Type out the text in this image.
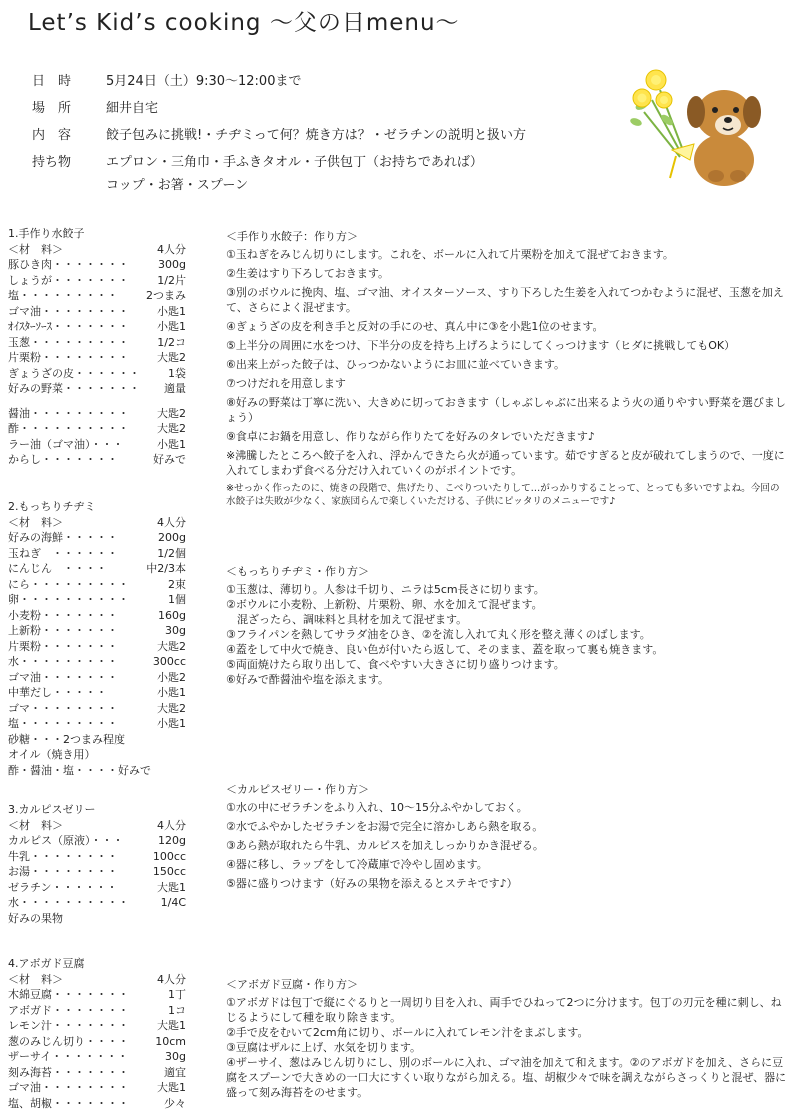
Let’s Kid’s cooking 〜父の日menu〜
日　時	5月24日（土）9:30〜12:00まで
場　所	細井自宅
内　容	餃子包みに挑戦!・チヂミって何？焼き方は？・ゼラチンの説明と扱い方
持ち物	エプロン・三角巾・手ふきタオル・子供包丁（お持ちであれば）
コップ・お箸・スプーン
1.手作り水餃子
＜材　料＞	4人分
豚ひき肉・・・・・・・	300g
しょうが・・・・・・・	1/2片
塩・・・・・・・・・	2つまみ
ゴマ油・・・・・・・・	小匙1
ｵｲｽﾀｰｿｰｽ・・・・・・・	小匙1
玉葱・・・・・・・・・	1/2コ
片栗粉・・・・・・・・	大匙2
ぎょうざの皮・・・・・・	1袋
好みの野菜・・・・・・・ 適量
醤油・・・・・・・・・	大匙2
酢・・・・・・・・・・	大匙2
ラー油（ゴマ油）・・・	小匙1
からし・・・・・・・	好みで
＜手作り水餃子：作り方＞
①玉ねぎをみじん切りにします。これを、ボールに入れて片栗粉を加えて混ぜておきます。
②生姜はすり下ろしておきます。
③別のボウルに挽肉、塩、ゴマ油、オイスターソース、すり下ろした生姜を入れてつかむように混ぜ、玉葱を加えて、さらによく混ぜます。
④ぎょうざの皮を利き手と反対の手にのせ、真ん中に③を小匙1位のせます。
⑤上半分の周囲に水をつけ、下半分の皮を持ち上げろようにしてくっつけます（ヒダに挑戦してもOK）
⑥出来上がった餃子は、ひっつかないようにお皿に並べていきます。
⑦つけだれを用意します
⑧好みの野菜は丁寧に洗い、大きめに切っておきます（しゃぶしゃぶに出来るよう火の通りやすい野菜を選びましょう）
⑨食卓にお鍋を用意し、作りながら作りたてを好みのタレでいただきます♪
※沸騰したところへ餃子を入れ、浮かんできたら火が通っています。茹ですぎると皮が破れてしまうので、一度に入れてしまわず食べる分だけ入れていくのがポイントです。
※せっかく作ったのに、焼きの段階で、焦げたり、こべりついたりして…がっかりすることって、とっても多いですよね。今回の水餃子は失敗が少なく、家族団らんで楽しくいただける、子供にピッタリのメニューです♪
2.もっちりチヂミ
＜材　料＞	4人分
好みの海鮮・・・・・	200g
玉ねぎ　・・・・・・	1/2個
にんじん　・・・・	中2/3本
にら・・・・・・・・・	2束
卵・・・・・・・・・・	1個
小麦粉・・・・・・・	160g
上新粉・・・・・・・	30g
片栗粉・・・・・・・	大匙2
水・・・・・・・・・	300cc
ゴマ油・・・・・・・	小匙2
中華だし・・・・・	小匙1
ゴマ・・・・・・・・	大匙2
塩・・・・・・・・・	小匙1
砂糖・・・2つまみ程度
オイル（焼き用）
酢・醤油・塩・・・・好みで
＜もっちりチヂミ・作り方＞
①玉葱は、薄切り。人参は千切り、ニラは5cm長さに切ります。
②ボウルに小麦粉、上新粉、片栗粉、卵、水を加えて混ぜます。
　混ざったら、調味料と具材を加えて混ぜます。
③フライパンを熱してサラダ油をひき、②を流し入れて丸く形を整え薄くのばします。
④蓋をして中火で焼き、良い色が付いたら返して、そのまま、蓋を取って裏も焼きます。
⑤両面焼けたら取り出して、食べやすい大きさに切り盛りつけます。
⑥好みで酢醤油や塩を添えます。
3.カルピスゼリー
＜材　料＞	4人分
カルピス（原液）・・・	120g
牛乳・・・・・・・・	100cc
お湯・・・・・・・・	150cc
ゼラチン・・・・・・	大匙1
水・・・・・・・・・・	1/4C
好みの果物
＜カルピスゼリー・作り方＞
①水の中にゼラチンをふり入れ、10〜15分ふやかしておく。
②水でふやかしたゼラチンをお湯で完全に溶かしあら熱を取る。
③あら熱が取れたら牛乳、カルピスを加えしっかりかき混ぜる。
④器に移し、ラップをして冷蔵庫で冷やし固めます。
⑤器に盛りつけます（好みの果物を添えるとステキです♪）
4.アボガド豆腐
＜材　料＞	4人分
木綿豆腐・・・・・・・	1丁
アボガド・・・・・・・	1コ
レモン汁・・・・・・・	大匙1
葱のみじん切り・・・・ 10cm
ザーサイ・・・・・・・	30g
刻み海苔・・・・・・・	適宜
ゴマ油・・・・・・・・	大匙1
塩、胡椒・・・・・・・	少々
＜アボガド豆腐・作り方＞
①アボガドは包丁で縦にぐるりと一周切り目を入れ、両手でひねって2つに分けます。包丁の刃元を種に刺し、ねじるようにして種を取り除きます。
②手で皮をむいて2cm角に切り、ボールに入れてレモン汁をまぶします。
③豆腐はザルに上げ、水気を切ります。
④ザーサイ、葱はみじん切りにし、別のボールに入れ、ゴマ油を加えて和えます。②のアボガドを加え、さらに豆腐をスプーンで大きめの一口大にすくい取りながら加える。塩、胡椒少々で味を調えながらさっくりと混ぜ、器に盛って刻み海苔をのせます。
